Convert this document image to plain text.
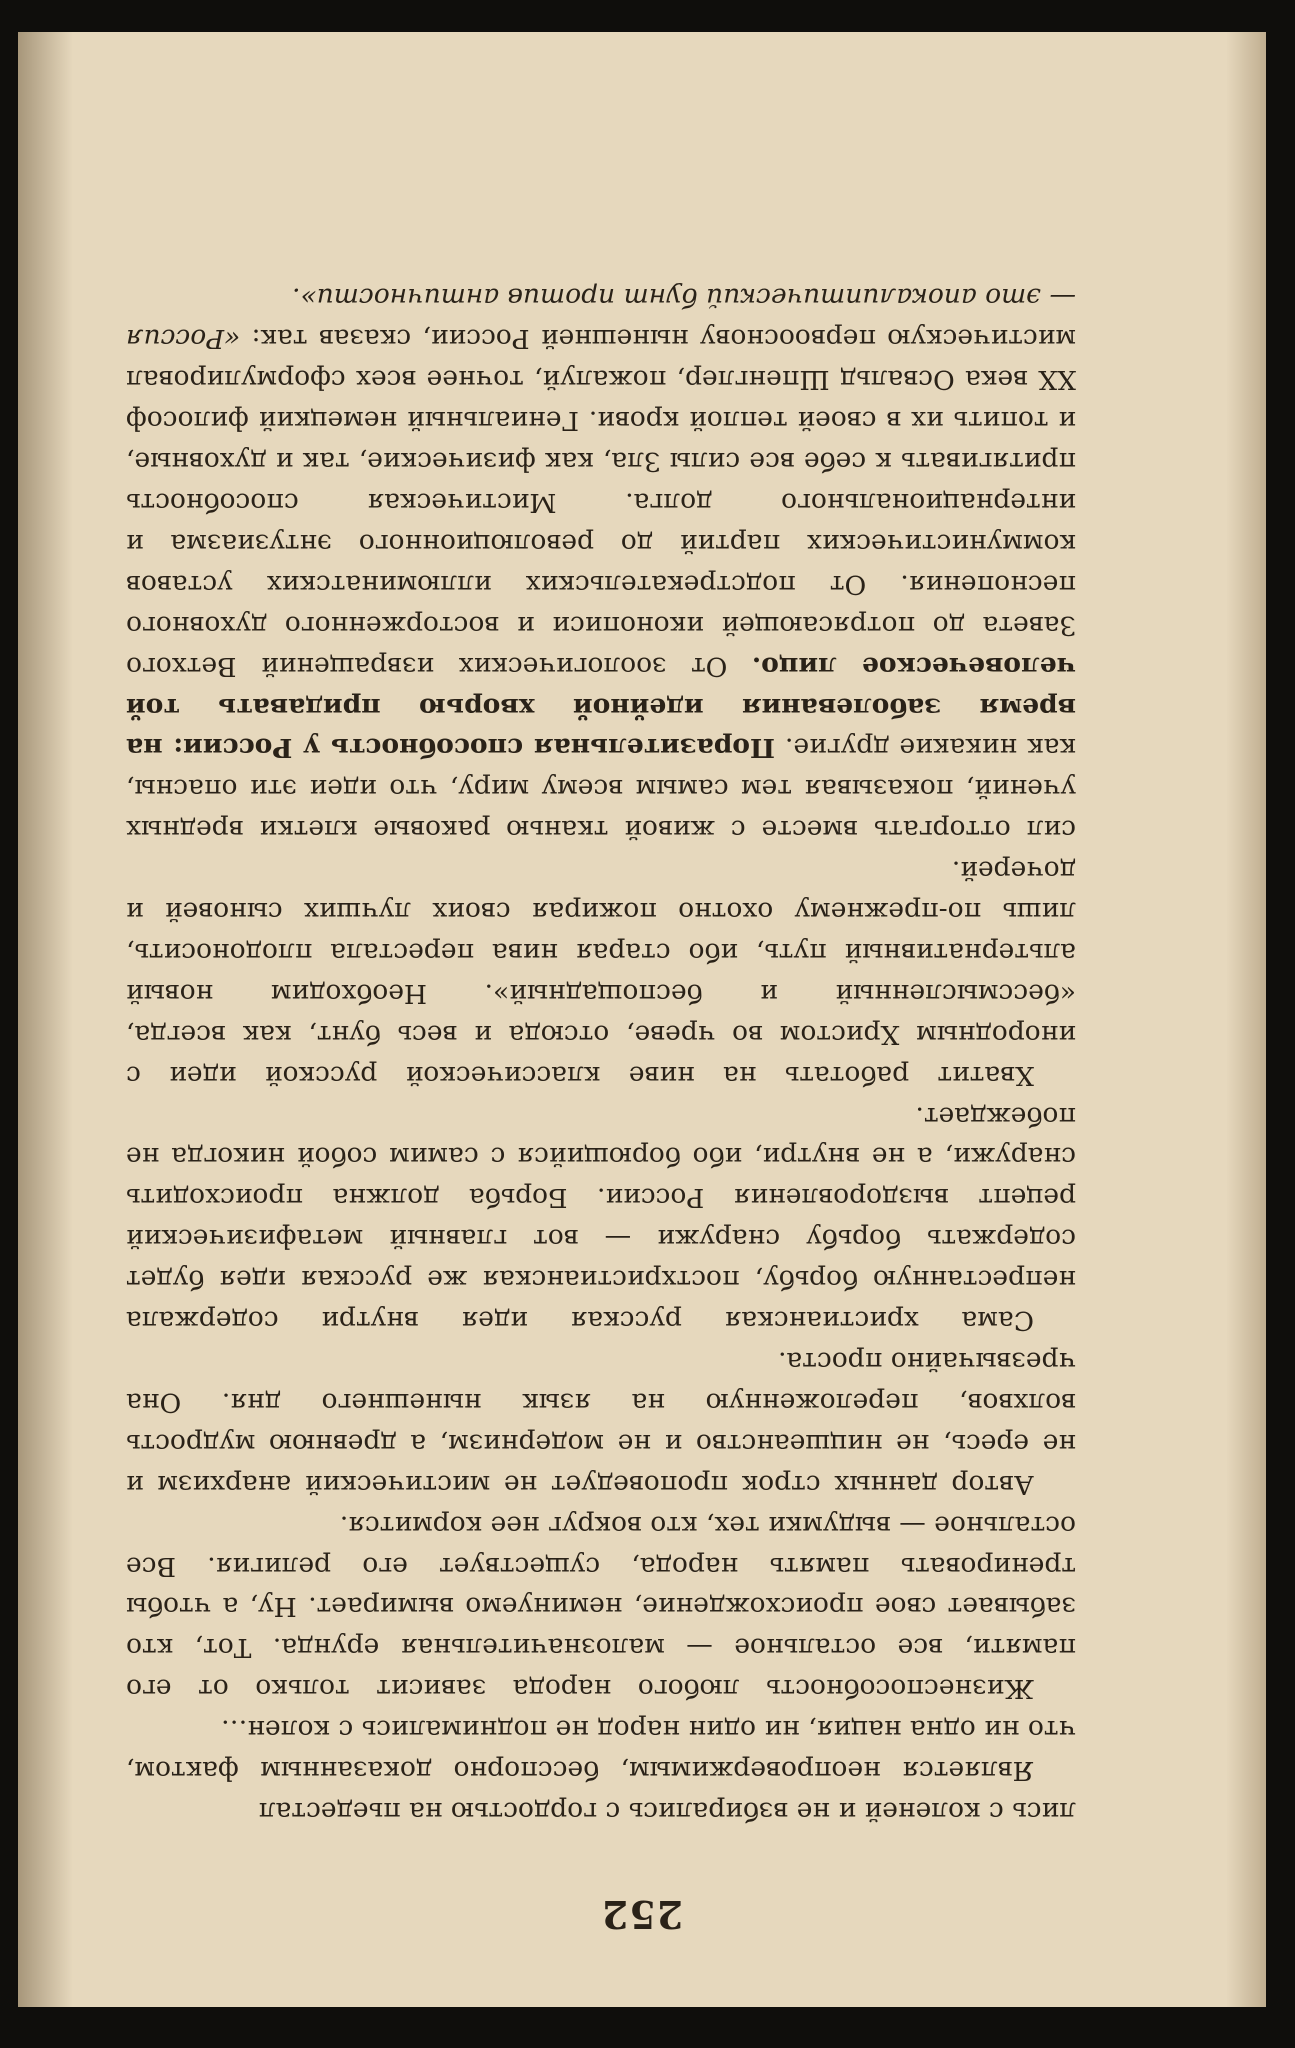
252

лись с коленей и не взбирались с гордостью на пьедестал

Является неопровержимым, бесспорно доказанным фактом, что ни одна нация, ни один народ не поднимались с колен…

Жизнеспособность любого народа зависит только от его памяти, все остальное — малозначительная ерунда. Тот, кто забывает свое происхождение, неминуемо вымирает. Ну, а чтобы тренировать память народа, существует его религия. Все остальное — выдумки тех, кто вокруг нее кормится.

Автор данных строк проповедует не мистический анархизм и не ересь, не ницшеанство и не модернизм, а древнюю мудрость волхвов, переложенную на язык нынешнего дня. Она чрезвычайно проста.

Сама христианская русская идея внутри содержала непрестанную борьбу, постхристианская же русская идея будет содержать борьбу снаружи — вот главный метафизический рецепт выздоровления России. Борьба должна происходить снаружи, а не внутри, ибо борющийся с самим собой никогда не побеждает.

Хватит работать на ниве классической русской идеи с инородным Христом во чреве, отсюда и весь бунт, как всегда, «бессмысленный и беспощадный». Необходим новый альтернативный путь, ибо старая нива перестала плодоносить, лишь по-прежнему охотно пожирая своих лучших сыновей и дочерей.

сил отторгать вместе с живой тканью раковые клетки вредных учений, показывая тем самым всему миру, что идеи эти опасны, как никакие другие. Поразительная способность у России: на время заболевания идейной хворью придавать той человеческое лицо. От зоологических извращений Ветхого Завета до потрясающей иконописи и восторженного духовного песнопения. От подстрекательских иллюминатских уставов коммунистических партий до революционного энтузиазма и интернационального долга. Мистическая способность притягивать к себе все силы Зла, как физические, так и духовные, и топить их в своей теплой крови. Гениальный немецкий философ XX века Освальд Шпенглер, пожалуй, точнее всех сформулировал мистическую первооснову нынешней России, сказав так: «Россия — это апокалиптический бунт против античности».
